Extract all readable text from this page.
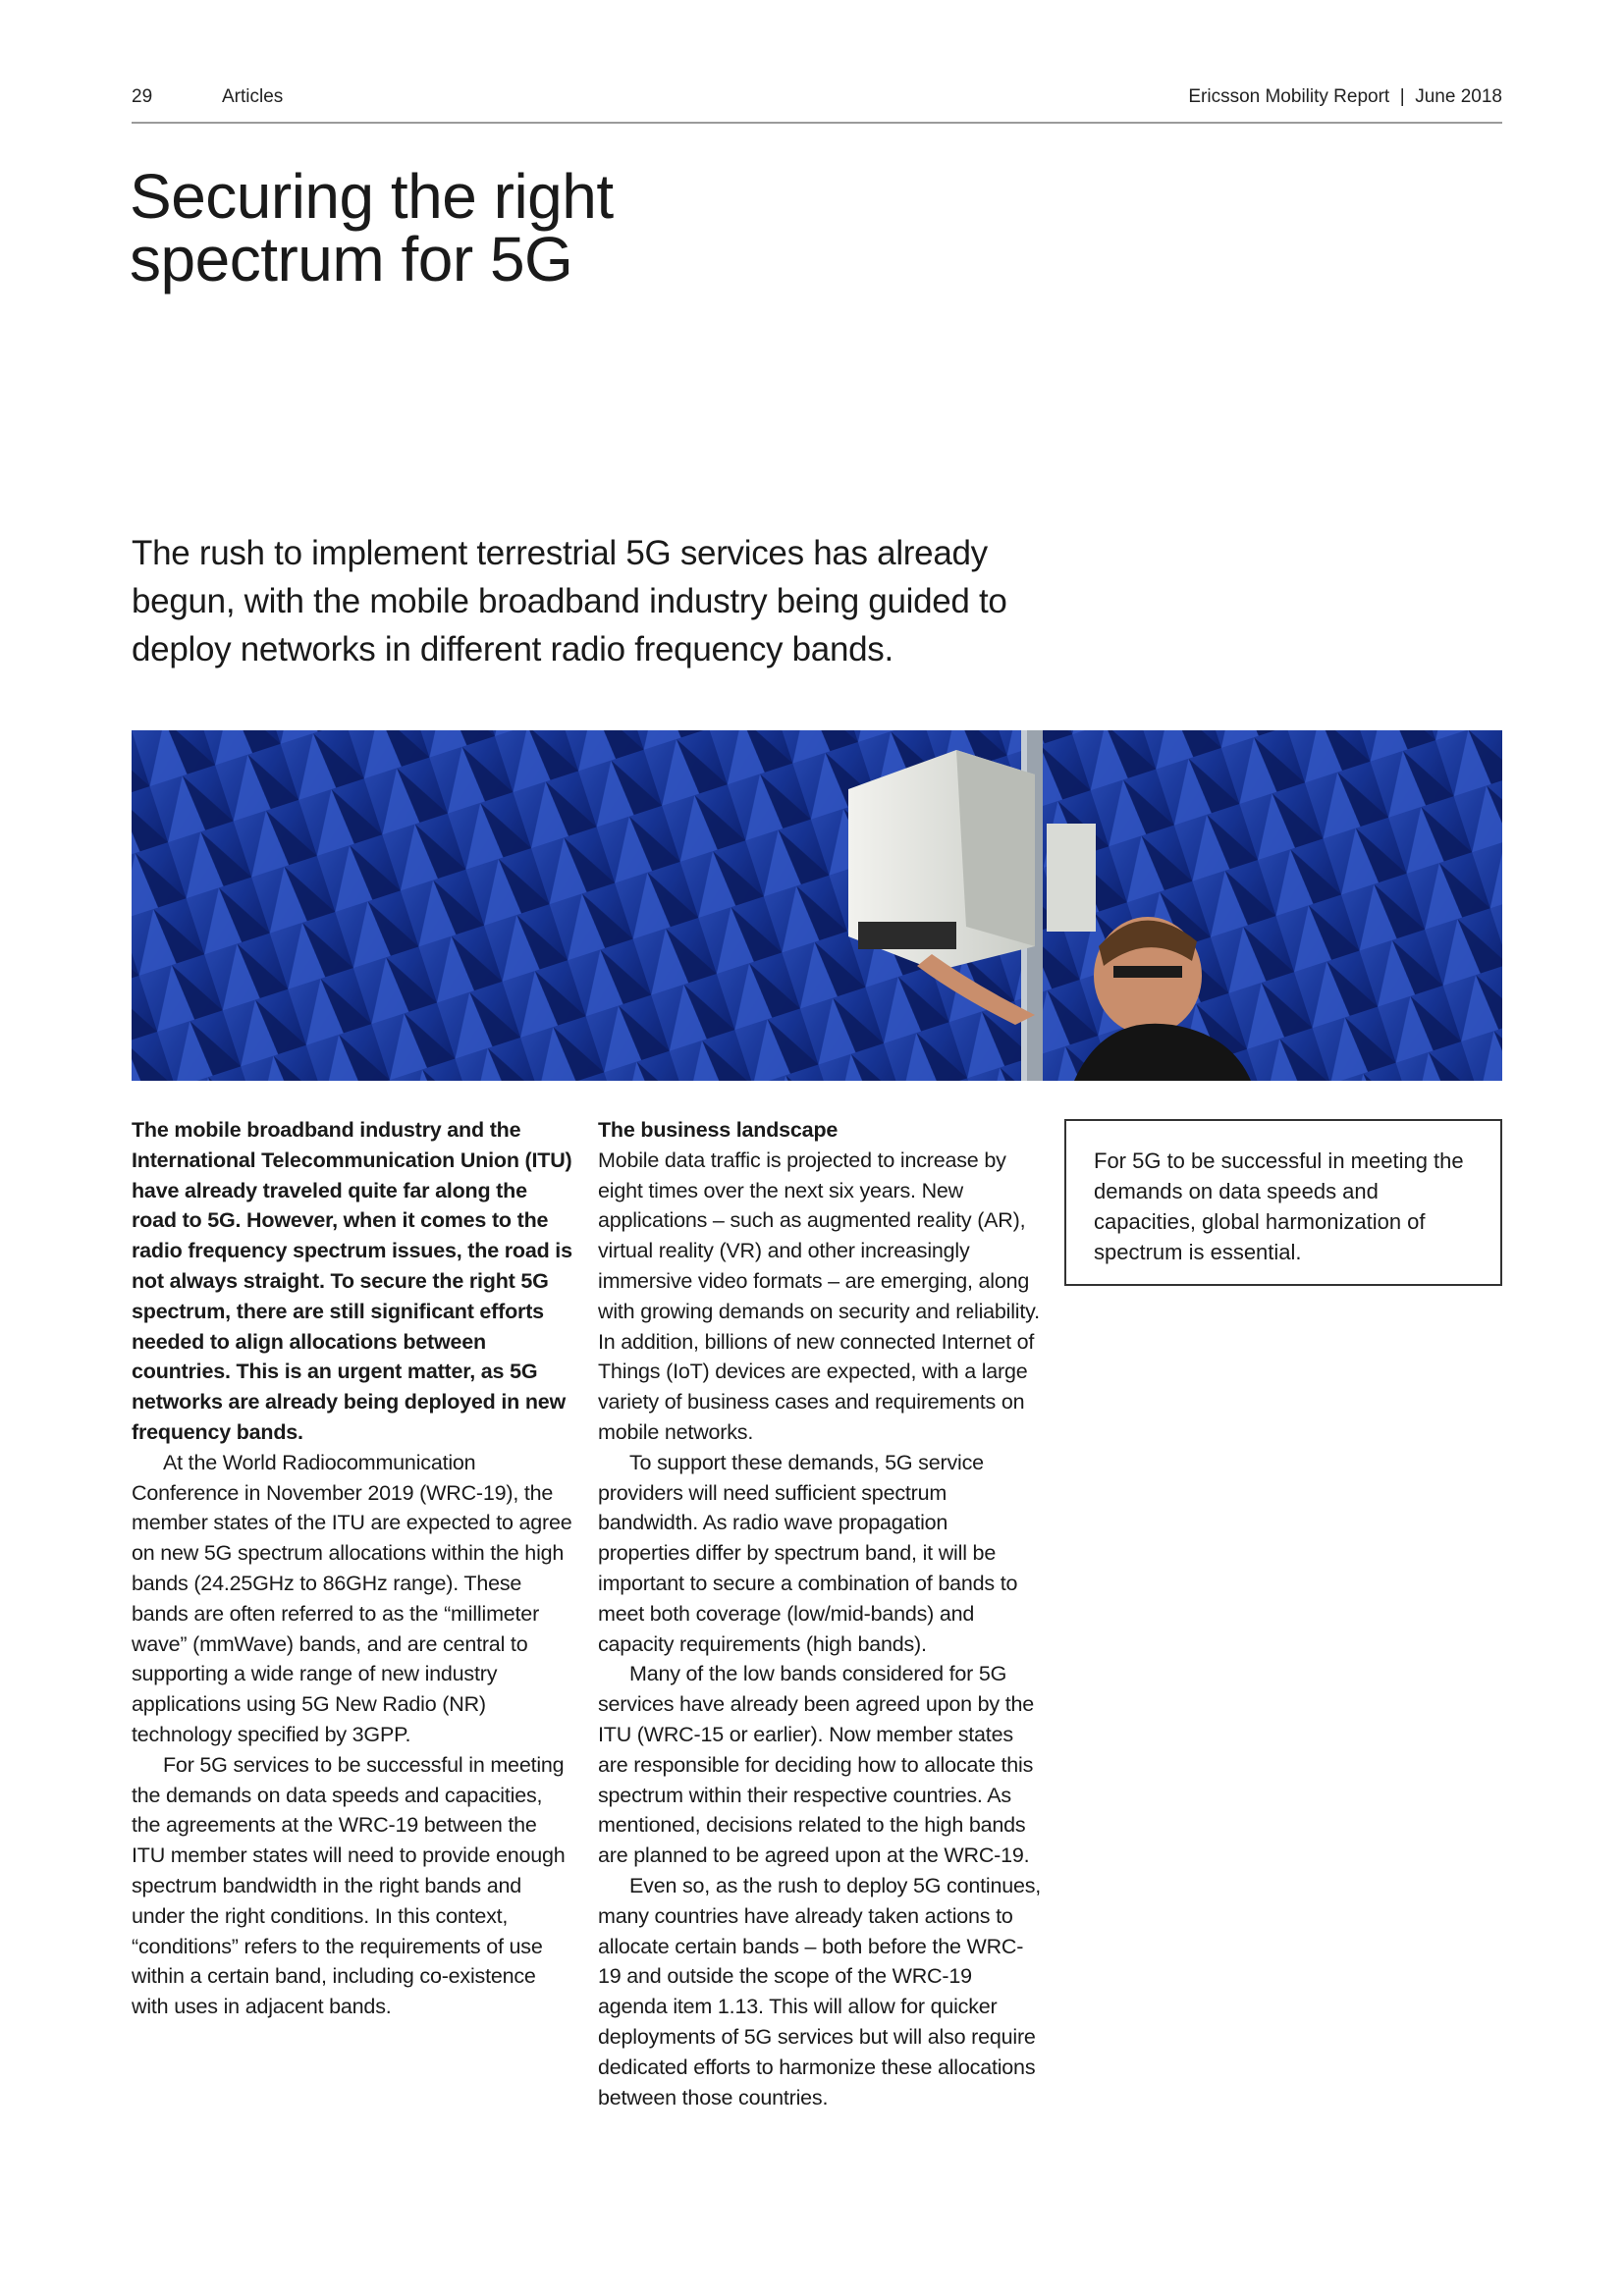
29	Articles	Ericsson Mobility Report  |  June 2018
Securing the right spectrum for 5G

The rush to implement terrestrial 5G services has already begun, with the mobile broadband industry being guided to deploy networks in different radio frequency bands.

The mobile broadband industry and the International Telecommunication Union (ITU) have already traveled quite far along the road to 5G. However, when it comes to the radio frequency spectrum issues, the road is not always straight. To secure the right 5G spectrum, there are still significant efforts needed to align allocations between countries. This is an urgent matter, as 5G networks are already being deployed in new frequency bands.

At the World Radiocommunication Conference in November 2019 (WRC-19), the member states of the ITU are expected to agree on new 5G spectrum allocations within the high bands (24.25GHz to 86GHz range). These bands are often referred to as the “millimeter wave” (mmWave) bands, and are central to supporting a wide range of new industry applications using 5G New Radio (NR) technology specified by 3GPP.

For 5G services to be successful in meeting the demands on data speeds and capacities, the agreements at the WRC-19 between the ITU member states will need to provide enough spectrum bandwidth in the right bands and under the right conditions. In this context, “conditions” refers to the requirements of use within a certain band, including co-existence with uses in adjacent bands.

The business landscape

Mobile data traffic is projected to increase by eight times over the next six years. New applications – such as augmented reality (AR), virtual reality (VR) and other increasingly immersive video formats – are emerging, along with growing demands on security and reliability. In addition, billions of new connected Internet of Things (IoT) devices are expected, with a large variety of business cases and requirements on mobile networks.

To support these demands, 5G service providers will need sufficient spectrum bandwidth. As radio wave propagation properties differ by spectrum band, it will be important to secure a combination of bands to meet both coverage (low/mid-bands) and capacity requirements (high bands).

Many of the low bands considered for 5G services have already been agreed upon by the ITU (WRC-15 or earlier). Now member states are responsible for deciding how to allocate this spectrum within their respective countries. As mentioned, decisions related to the high bands are planned to be agreed upon at the WRC-19.

Even so, as the rush to deploy 5G continues, many countries have already taken actions to allocate certain bands – both before the WRC-19 and outside the scope of the WRC-19 agenda item 1.13. This will allow for quicker deployments of 5G services but will also require dedicated efforts to harmonize these allocations between those countries.

For 5G to be successful in meeting the demands on data speeds and capacities, global harmonization of spectrum is essential.
